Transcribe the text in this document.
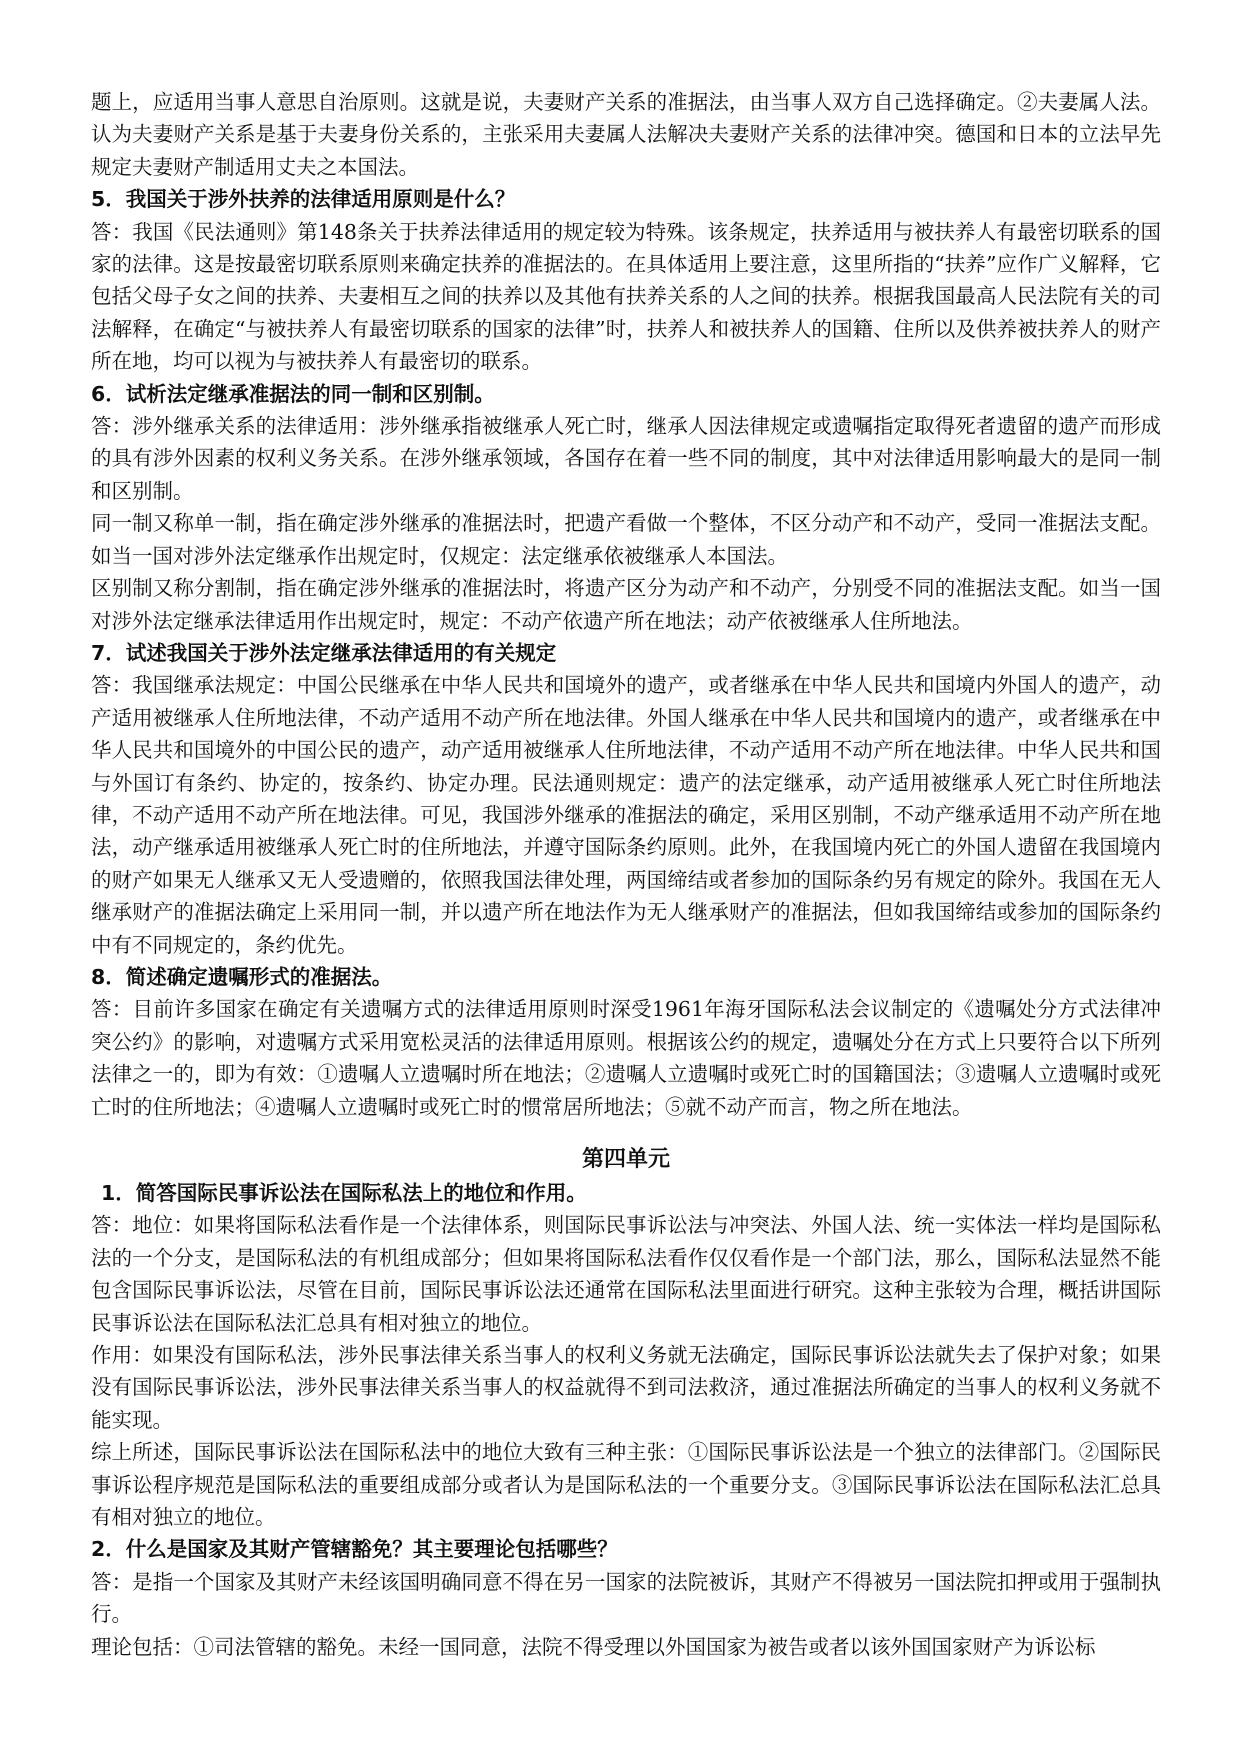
题上，应适用当事人意思自治原则。这就是说，夫妻财产关系的准据法，由当事人双方自己选择确定。②夫妻属人法。认为夫妻财产关系是基于夫妻身份关系的，主张采用夫妻属人法解决夫妻财产关系的法律冲突。德国和日本的立法早先规定夫妻财产制适用丈夫之本国法。

5．我国关于涉外扶养的法律适用原则是什么？

答：我国《民法通则》第148条关于扶养法律适用的规定较为特殊。该条规定，扶养适用与被扶养人有最密切联系的国家的法律。这是按最密切联系原则来确定扶养的准据法的。在具体适用上要注意，这里所指的“扶养”应作广义解释，它包括父母子女之间的扶养、夫妻相互之间的扶养以及其他有扶养关系的人之间的扶养。根据我国最高人民法院有关的司法解释，在确定“与被扶养人有最密切联系的国家的法律”时，扶养人和被扶养人的国籍、住所以及供养被扶养人的财产所在地，均可以视为与被扶养人有最密切的联系。

6．试析法定继承准据法的同一制和区别制。

答：涉外继承关系的法律适用：涉外继承指被继承人死亡时，继承人因法律规定或遗嘱指定取得死者遗留的遗产而形成的具有涉外因素的权利义务关系。在涉外继承领域，各国存在着一些不同的制度，其中对法律适用影响最大的是同一制和区别制。

同一制又称单一制，指在确定涉外继承的准据法时，把遗产看做一个整体，不区分动产和不动产，受同一准据法支配。如当一国对涉外法定继承作出规定时，仅规定：法定继承依被继承人本国法。

区别制又称分割制，指在确定涉外继承的准据法时，将遗产区分为动产和不动产，分别受不同的准据法支配。如当一国对涉外法定继承法律适用作出规定时，规定：不动产依遗产所在地法；动产依被继承人住所地法。

7．试述我国关于涉外法定继承法律适用的有关规定

答：我国继承法规定：中国公民继承在中华人民共和国境外的遗产，或者继承在中华人民共和国境内外国人的遗产，动产适用被继承人住所地法律，不动产适用不动产所在地法律。外国人继承在中华人民共和国境内的遗产，或者继承在中华人民共和国境外的中国公民的遗产，动产适用被继承人住所地法律，不动产适用不动产所在地法律。中华人民共和国与外国订有条约、协定的，按条约、协定办理。民法通则规定：遗产的法定继承，动产适用被继承人死亡时住所地法律，不动产适用不动产所在地法律。可见，我国涉外继承的准据法的确定，采用区别制，不动产继承适用不动产所在地法，动产继承适用被继承人死亡时的住所地法，并遵守国际条约原则。此外，在我国境内死亡的外国人遗留在我国境内的财产如果无人继承又无人受遗赠的，依照我国法律处理，两国缔结或者参加的国际条约另有规定的除外。我国在无人继承财产的准据法确定上采用同一制，并以遗产所在地法作为无人继承财产的准据法，但如我国缔结或参加的国际条约中有不同规定的，条约优先。

8．简述确定遗嘱形式的准据法。

答：目前许多国家在确定有关遗嘱方式的法律适用原则时深受1961年海牙国际私法会议制定的《遗嘱处分方式法律冲突公约》的影响，对遗嘱方式采用宽松灵活的法律适用原则。根据该公约的规定，遗嘱处分在方式上只要符合以下所列法律之一的，即为有效：①遗嘱人立遗嘱时所在地法；②遗嘱人立遗嘱时或死亡时的国籍国法；③遗嘱人立遗嘱时或死亡时的住所地法；④遗嘱人立遗嘱时或死亡时的惯常居所地法；⑤就不动产而言，物之所在地法。

第四单元

1．简答国际民事诉讼法在国际私法上的地位和作用。

答：地位：如果将国际私法看作是一个法律体系，则国际民事诉讼法与冲突法、外国人法、统一实体法一样均是国际私法的一个分支，是国际私法的有机组成部分；但如果将国际私法看作仅仅看作是一个部门法，那么，国际私法显然不能包含国际民事诉讼法，尽管在目前，国际民事诉讼法还通常在国际私法里面进行研究。这种主张较为合理，概括讲国际民事诉讼法在国际私法汇总具有相对独立的地位。

作用：如果没有国际私法，涉外民事法律关系当事人的权利义务就无法确定，国际民事诉讼法就失去了保护对象；如果没有国际民事诉讼法，涉外民事法律关系当事人的权益就得不到司法救济，通过准据法所确定的当事人的权利义务就不能实现。

综上所述，国际民事诉讼法在国际私法中的地位大致有三种主张：①国际民事诉讼法是一个独立的法律部门。②国际民事诉讼程序规范是国际私法的重要组成部分或者认为是国际私法的一个重要分支。③国际民事诉讼法在国际私法汇总具有相对独立的地位。

2．什么是国家及其财产管辖豁免？其主要理论包括哪些？

答：是指一个国家及其财产未经该国明确同意不得在另一国家的法院被诉，其财产不得被另一国法院扣押或用于强制执行。

理论包括：①司法管辖的豁免。未经一国同意，法院不得受理以外国国家为被告或者以该外国国家财产为诉讼标
